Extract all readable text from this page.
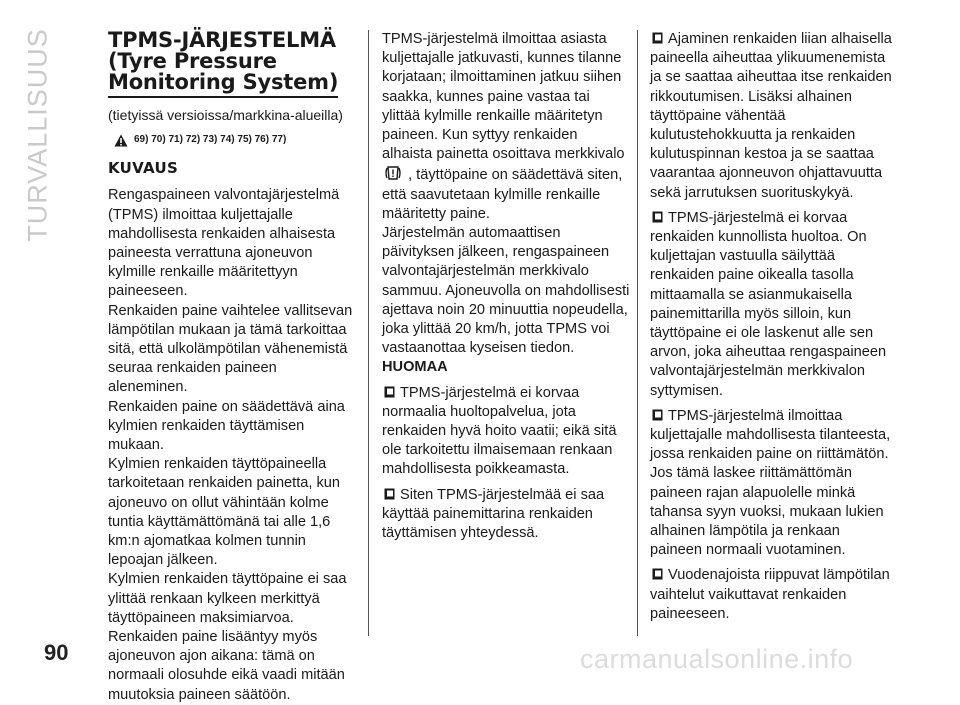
TURVALLISUUS	TPMS-JÄRJESTELMÄ
(Tyre Pressure
Monitoring System)

(tietyissä versioissa/markkina-alueilla)

69) 70) 71) 72) 73) 74) 75) 76) 77)

KUVAUS

Rengaspaineen valvontajärjestelmä (TPMS) ilmoittaa kuljettajalle mahdollisesta renkaiden alhaisesta paineesta verrattuna ajoneuvon kylmille renkaille määritettyyn paineeseen.

Renkaiden paine vaihtelee vallitsevan lämpötilan mukaan ja tämä tarkoittaa sitä, että ulkolämpötilan vähenemistä seuraa renkaiden paineen aleneminen.

Renkaiden paine on säädettävä aina kylmien renkaiden täyttämisen mukaan.

Kylmien renkaiden täyttöpaineella tarkoitetaan renkaiden painetta, kun ajoneuvo on ollut vähintään kolme tuntia käyttämättömänä tai alle 1,6 km:n ajomatkaa kolmen tunnin lepoajan jälkeen.

Kylmien renkaiden täyttöpaine ei saa ylittää renkaan kylkeen merkittyä täyttöpaineen maksimiarvoa.

Renkaiden paine lisääntyy myös ajoneuvon ajon aikana: tämä on normaali olosuhde eikä vaadi mitään muutoksia paineen säätöön.

TPMS-järjestelmä ilmoittaa asiasta kuljettajalle jatkuvasti, kunnes tilanne korjataan; ilmoittaminen jatkuu siihen saakka, kunnes paine vastaa tai ylittää kylmille renkaille määritetyn paineen. Kun syttyy renkaiden alhaista painetta osoittava merkkivalo  , täyttöpaine on säädettävä siten, että saavutetaan kylmille renkaille määritetty paine.

Järjestelmän automaattisen päivityksen jälkeen, rengaspaineen valvontajärjestelmän merkkivalo sammuu. Ajoneuvolla on mahdollisesti ajettava noin 20 minuuttia nopeudella, joka ylittää 20 km/h, jotta TPMS voi vastaanottaa kyseisen tiedon.

HUOMAA

TPMS-järjestelmä ei korvaa normaalia huoltopalvelua, jota renkaiden hyvä hoito vaatii; eikä sitä ole tarkoitettu ilmaisemaan renkaan mahdollisesta poikkeamasta.

Siten TPMS-järjestelmää ei saa käyttää painemittarina renkaiden täyttämisen yhteydessä.

Ajaminen renkaiden liian alhaisella paineella aiheuttaa ylikuumenemista ja se saattaa aiheuttaa itse renkaiden rikkoutumisen. Lisäksi alhainen täyttöpaine vähentää kulutustehokkuutta ja renkaiden kulutuspinnan kestoa ja se saattaa vaarantaa ajonneuvon ohjattavuutta sekä jarrutuksen suorituskykyä.

TPMS-järjestelmä ei korvaa renkaiden kunnollista huoltoa. On kuljettajan vastuulla säilyttää renkaiden paine oikealla tasolla mittaamalla se asianmukaisella painemittarilla myös silloin, kun täyttöpaine ei ole laskenut alle sen arvon, joka aiheuttaa rengaspaineen valvontajärjestelmän merkkivalon syttymisen.

TPMS-järjestelmä ilmoittaa kuljettajalle mahdollisesta tilanteesta, jossa renkaiden paine on riittämätön. Jos tämä laskee riittämättömän paineen rajan alapuolelle minkä tahansa syyn vuoksi, mukaan lukien alhainen lämpötila ja renkaan paineen normaali vuotaminen.

Vuodenajoista riippuvat lämpötilan vaihtelut vaikuttavat renkaiden paineeseen.

90	carmanualsonline.info
